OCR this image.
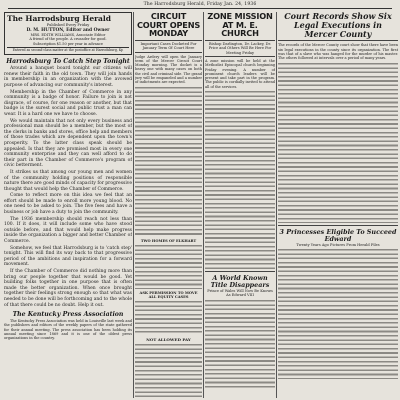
The Harrodsburg Herald, Friday Jan. 24, 1936
The Harrodsburg Herald
Published Every Friday
D. M. HUTTON, Editor and Owner
MRS. EDITH WILLIAMS, Associate Editor
A friend of the people. A crusader for good.
Subscription $1.50 per year in advance
Entered as second-class matter at the postoffice at Harrodsburg, Ky.
Harrodsburg To Catch Step Tonight

Around a banquet board tonight our citizens will renew their faith in the old town. They will join hands in membership in an organization with the avowed purpose of advancing our community's interest.

Membership in the Chamber of Commerce in any community is a badge of honor. Failure to join is not disgrace, of course, for one reason or another, but that badge is the surest social and public trust a man can wear. It is a hard one we have to choose.

We would maintain that not only every business and professional man should be a member, but the most of the clerks in banks and stores, office help and members of those trades which are dependent upon the town's prosperity. To the latter class speak should be appealed. Is that they are promised most in every one community enterprise and they can well afford to do their part in the Chamber of Commerce's program of civic betterment.

It strikes us that among our young men and women of the community holding positions of responsible nature there are good minds of capacity for progressive thought that would help the Chamber of Commerce.

Come to reflect more on this idea we feel that an effort should be made to enroll more young blood. No one need to be asked to join. The five fees and have a business or job have a duty to join the community.

The 1936 membership should reach not less than 100. If it does, it will include some who have stood outside before, and that would help make progress inside the organization a bigger and better Chamber of Commerce.

Somehow, we feel that Harrodsburg is to 'catch step' tonight. This will find its way back to that progressive period of the ambitions and inspiration for a forward movement.

If the Chamber of Commerce did nothing more than bring our people together that would be good. Yet building folks together in one purpose that is often made the better organization. When once brought together their feelings strong enough so that what was needed to be done will be forthcoming and to the whole of that there could be no doubt. Help it out.

The Kentucky Press Association

The Kentucky Press Association was held in Louisville last week and the publishers and editors of the weekly papers of the state gathered for their annual meeting. The press association has been holding its annual meeting since 1869 and it is one of the oldest press organizations in the country.

CIRCUIT COURT OPENS MONDAY
Important Cases Docketed For January Term Of Court Here

Judge Ardery will open the January term of the Mercer Circuit Court Monday morning. The docket is a heavy one with many cases on both the civil and criminal side. The grand jury will be empaneled and a number of indictments are expected.

TWO HOMES OF ELKHART
ASK PERMISSION TO MOVE ALL EQUITY CASES
NOT ALLOWED PAY
ZONE MISSION AT M. E. CHURCH
Bishop Darlington, Dr. Lackey, Dr. Price and Others Will Be Here For Meeting Friday

A zone mission will be held at the Methodist Episcopal church beginning Friday evening. A number of prominent church leaders will be present and take part in the program. The public is cordially invited to attend all of the services.

A World Known Title Disappears
Prince of Wales Will Now Be Known As Edward VIII
Court Records Show Six Legal Executions in Mercer County

The records of the Mercer County court show that there have been six legal executions in the county since its organization. The first was that of a slave who was hanged for the murder of his master. The others followed at intervals over a period of many years.

3 Princesses Eligible To Succeed Edward
Twenty Years Ago Pictures From Herald Files
